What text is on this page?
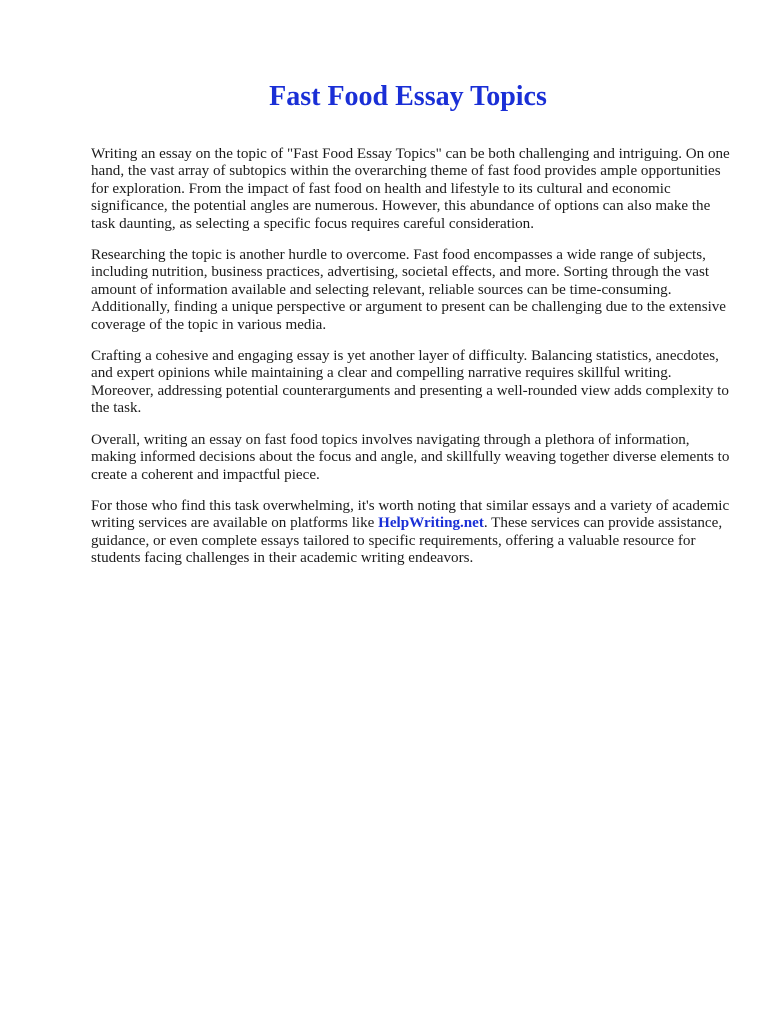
Fast Food Essay Topics

Writing an essay on the topic of "Fast Food Essay Topics" can be both challenging and intriguing. On one hand, the vast array of subtopics within the overarching theme of fast food provides ample opportunities for exploration. From the impact of fast food on health and lifestyle to its cultural and economic significance, the potential angles are numerous. However, this abundance of options can also make the task daunting, as selecting a specific focus requires careful consideration.

Researching the topic is another hurdle to overcome. Fast food encompasses a wide range of subjects, including nutrition, business practices, advertising, societal effects, and more. Sorting through the vast amount of information available and selecting relevant, reliable sources can be time-consuming. Additionally, finding a unique perspective or argument to present can be challenging due to the extensive coverage of the topic in various media.

Crafting a cohesive and engaging essay is yet another layer of difficulty. Balancing statistics, anecdotes, and expert opinions while maintaining a clear and compelling narrative requires skillful writing. Moreover, addressing potential counterarguments and presenting a well-rounded view adds complexity to the task.

Overall, writing an essay on fast food topics involves navigating through a plethora of information, making informed decisions about the focus and angle, and skillfully weaving together diverse elements to create a coherent and impactful piece.

For those who find this task overwhelming, it's worth noting that similar essays and a variety of academic writing services are available on platforms like HelpWriting.net. These services can provide assistance, guidance, or even complete essays tailored to specific requirements, offering a valuable resource for students facing challenges in their academic writing endeavors.
